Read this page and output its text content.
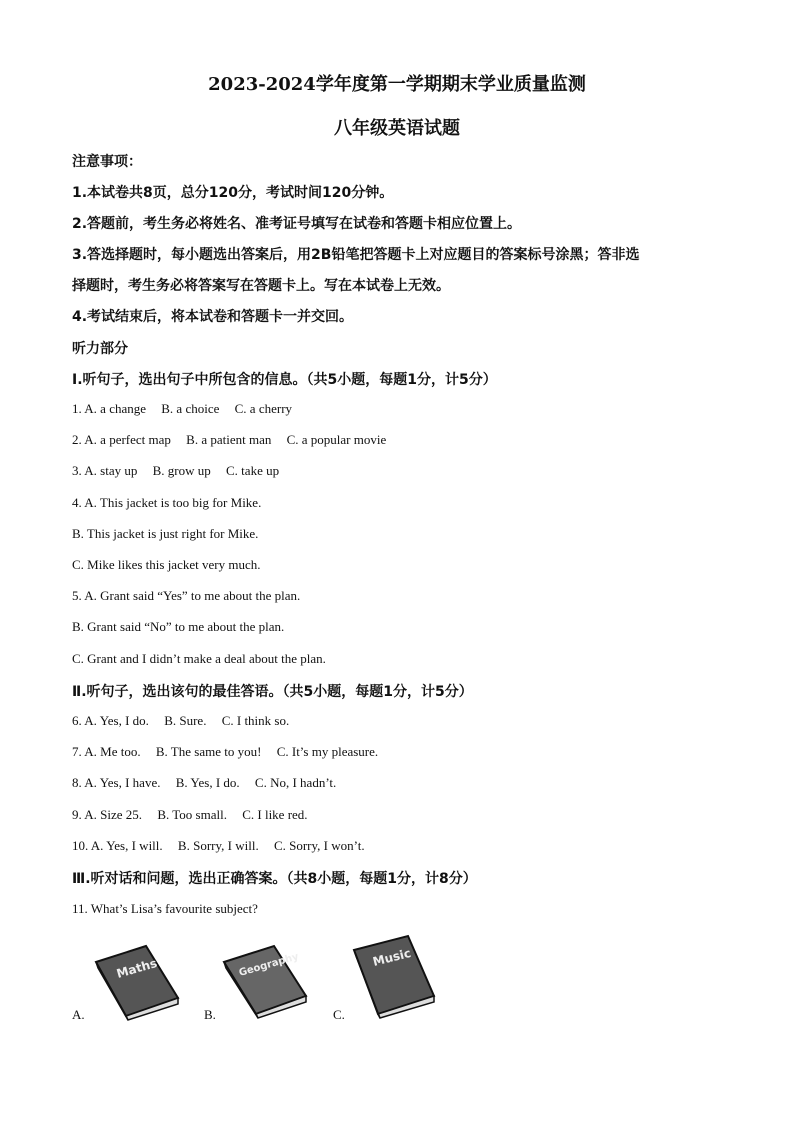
2023-2024学年度第一学期期末学业质量监测
八年级英语试题
注意事项：
1.本试卷共8页，总分120分，考试时间120分钟。
2.答题前，考生务必将姓名、准考证号填写在试卷和答题卡相应位置上。
3.答选择题时，每小题选出答案后，用2B铅笔把答题卡上对应题目的答案标号涂黑；答非选
择题时，考生务必将答案写在答题卡上。写在本试卷上无效。
4.考试结束后，将本试卷和答题卡一并交回。
听力部分
Ⅰ.听句子，选出句子中所包含的信息。（共5小题，每题1分，计5分）
1. A. a change B. a choice C. a cherry
2. A. a perfect map B. a patient man C. a popular movie
3. A. stay up B. grow up C. take up
4. A. This jacket is too big for Mike.
B. This jacket is just right for Mike.
C. Mike likes this jacket very much.
5. A. Grant said “Yes” to me about the plan.
B. Grant said “No” to me about the plan.
C. Grant and I didn’t make a deal about the plan.
Ⅱ.听句子，选出该句的最佳答语。（共5小题，每题1分，计5分）
6. A. Yes, I do. B. Sure. C. I think so.
7. A. Me too. B. The same to you! C. It’s my pleasure.
8. A. Yes, I have. B. Yes, I do. C. No, I hadn’t.
9. A. Size 25. B. Too small. C. I like red.
10. A. Yes, I will. B. Sorry, I will. C. Sorry, I won’t.
Ⅲ.听对话和问题，选出正确答案。（共8小题，每题1分，计8分）
11. What’s Lisa’s favourite subject?
Maths	Geography	Music
A.	B.	C.
